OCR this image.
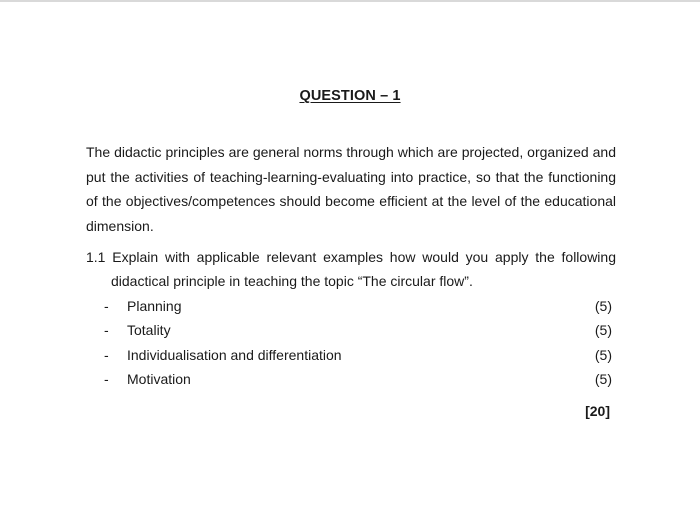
QUESTION – 1

The didactic principles are general norms through which are projected, organized and put the activities of teaching-learning-evaluating into practice, so that the functioning of the objectives/competences should become efficient at the level of the educational dimension.

1.1 Explain with applicable relevant examples how would you apply the following
didactical principle in teaching the topic “The circular flow”.
-	Planning	(5)
-	Totality	(5)
-	Individualisation and differentiation	(5)
-	Motivation	(5)
[20]
